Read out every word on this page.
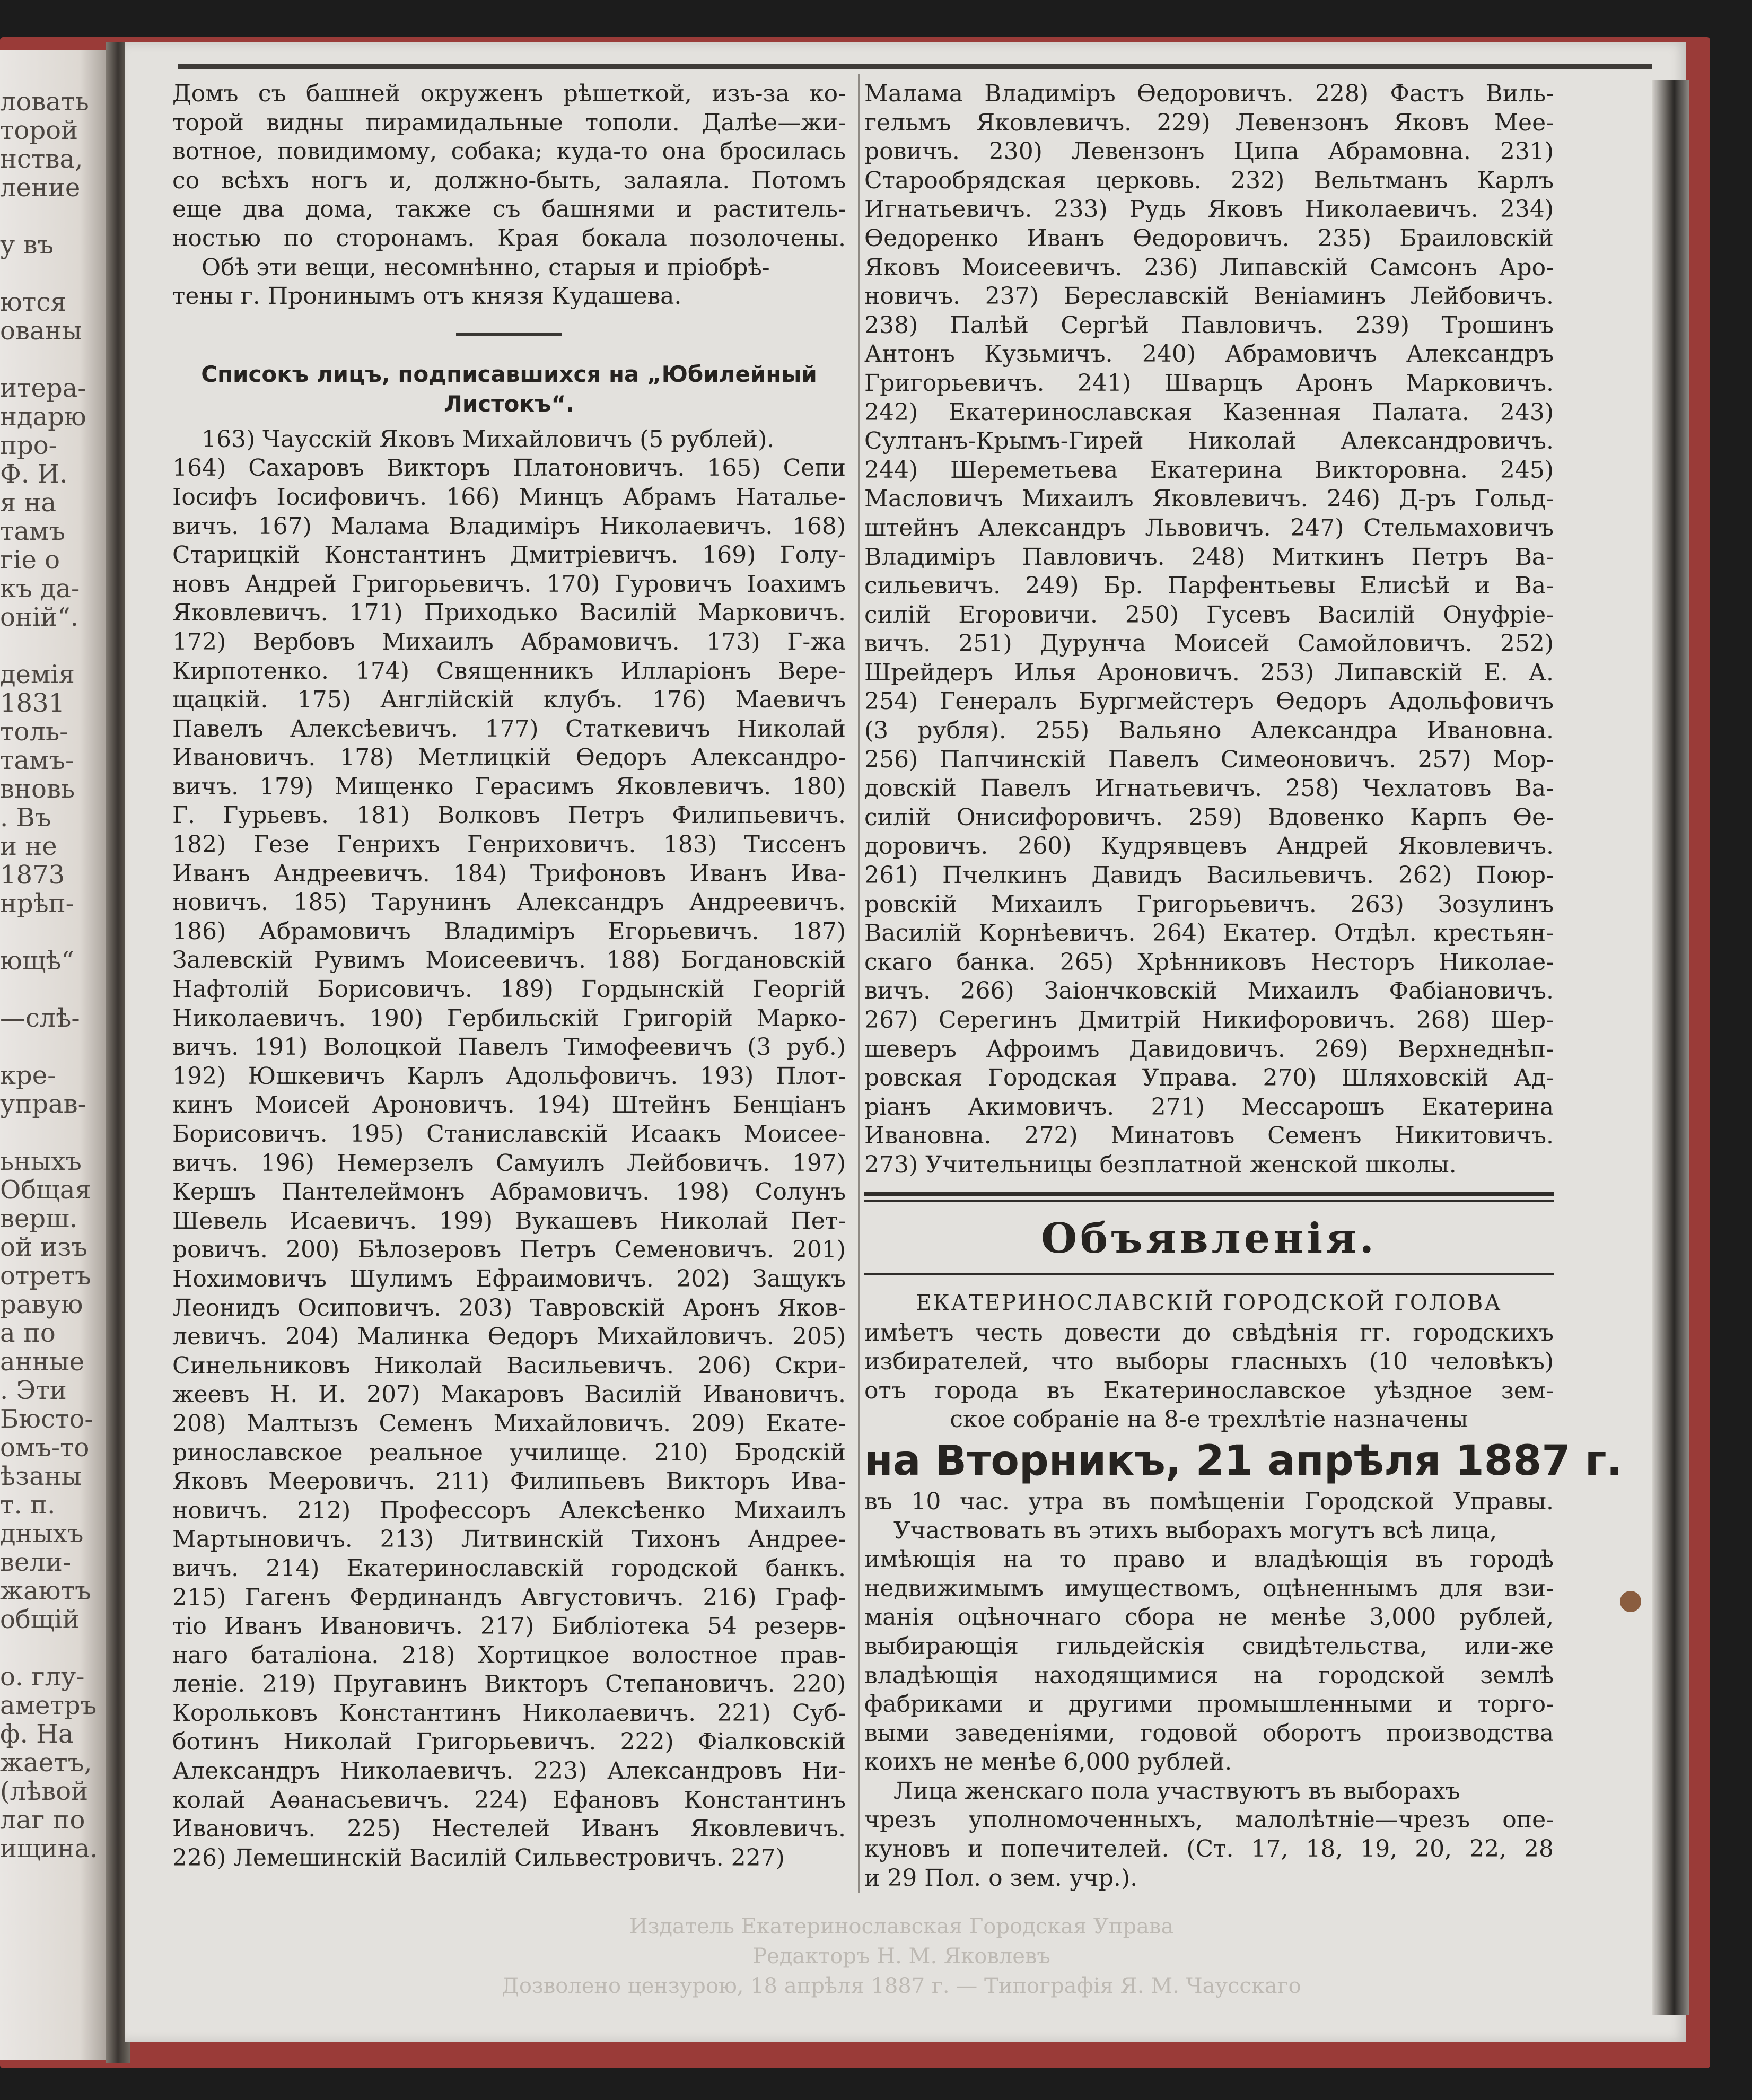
ловать
торой
нства,
ление
у въ
ются
ованы
итера-
ндарю
про-
Ф. И.
я на
тамъ
гіе о
къ да-
оній“.
демія
1831
толь-
тамъ-
вновь
. Въ
и не
1873
нрѣп-
ющѣ“
—слѣ-
кре-
управ-
ьныхъ
Общая
верш.
ой изъ
отретъ
равую
а по
анные
. Эти
Бюсто-
омъ-то
ѣзаны
т. п.
дныхъ
вели-
жаютъ
общій
о. глу-
аметръ
ф. На
жаетъ,
(лѣвой
лаг по
ищина.
Домъ съ башней окруженъ рѣшеткой, изъ-за ко-
торой видны пирамидальные тополи. Далѣе—жи-
вотное, повидимому, собака; куда-то она бросилась
со всѣхъ ногъ и, должно-быть, залаяла. Потомъ
еще два дома, также съ башнями и раститель-
ностью по сторонамъ. Края бокала позолочены.
Обѣ эти вещи, несомнѣнно, старыя и пріобрѣ-
тены г. Пронинымъ отъ князя Кудашева.
Списокъ лицъ, подписавшихся на „Юбилейный
Листокъ“.
163) Чаусскій Яковъ Михайловичъ (5 рублей).
164) Сахаровъ Викторъ Платоновичъ. 165) Сепи
Іосифъ Іосифовичъ. 166) Минцъ Абрамъ Наталье-
вичъ. 167) Малама Владиміръ Николаевичъ. 168)
Старицкій Константинъ Дмитріевичъ. 169) Голу-
новъ Андрей Григорьевичъ. 170) Гуровичъ Іоахимъ
Яковлевичъ. 171) Приходько Василій Марковичъ.
172) Вербовъ Михаилъ Абрамовичъ. 173) Г-жа
Кирпотенко. 174) Священникъ Илларіонъ Вере-
щацкій. 175) Англійскій клубъ. 176) Маевичъ
Павелъ Алексѣевичъ. 177) Статкевичъ Николай
Ивановичъ. 178) Метлицкій Ѳедоръ Александро-
вичъ. 179) Мищенко Герасимъ Яковлевичъ. 180)
Г. Гурьевъ. 181) Волковъ Петръ Филипьевичъ.
182) Гезе Генрихъ Генриховичъ. 183) Тиссенъ
Иванъ Андреевичъ. 184) Трифоновъ Иванъ Ива-
новичъ. 185) Тарунинъ Александръ Андреевичъ.
186) Абрамовичъ Владиміръ Егорьевичъ. 187)
Залевскій Рувимъ Моисеевичъ. 188) Богдановскій
Нафтолій Борисовичъ. 189) Гордынскій Георгій
Николаевичъ. 190) Гербильскій Григорій Марко-
вичъ. 191) Волоцкой Павелъ Тимофеевичъ (3 руб.)
192) Юшкевичъ Карлъ Адольфовичъ. 193) Плот-
кинъ Моисей Ароновичъ. 194) Штейнъ Бенціанъ
Борисовичъ. 195) Станиславскій Исаакъ Моисее-
вичъ. 196) Немерзелъ Самуилъ Лейбовичъ. 197)
Кершъ Пантелеймонъ Абрамовичъ. 198) Солунъ
Шевель Исаевичъ. 199) Вукашевъ Николай Пет-
ровичъ. 200) Бѣлозеровъ Петръ Семеновичъ. 201)
Нохимовичъ Шулимъ Ефраимовичъ. 202) Защукъ
Леонидъ Осиповичъ. 203) Тавровскій Аронъ Яков-
левичъ. 204) Малинка Ѳедоръ Михайловичъ. 205)
Синельниковъ Николай Васильевичъ. 206) Скри-
жеевъ Н. И. 207) Макаровъ Василій Ивановичъ.
208) Малтызъ Семенъ Михайловичъ. 209) Екате-
ринославское реальное училище. 210) Бродскій
Яковъ Мееровичъ. 211) Филипьевъ Викторъ Ива-
новичъ. 212) Профессоръ Алексѣенко Михаилъ
Мартыновичъ. 213) Литвинскій Тихонъ Андрее-
вичъ. 214) Екатеринославскій городской банкъ.
215) Гагенъ Фердинандъ Августовичъ. 216) Граф-
тіо Иванъ Ивановичъ. 217) Библіотека 54 резерв-
наго баталіона. 218) Хортицкое волостное прав-
леніе. 219) Пругавинъ Викторъ Степановичъ. 220)
Корольковъ Константинъ Николаевичъ. 221) Суб-
ботинъ Николай Григорьевичъ. 222) Фіалковскій
Александръ Николаевичъ. 223) Александровъ Ни-
колай Аѳанасьевичъ. 224) Ефановъ Константинъ
Ивановичъ. 225) Нестелей Иванъ Яковлевичъ.
226) Лемешинскій Василій Сильвестровичъ. 227)
Малама Владиміръ Ѳедоровичъ. 228) Фастъ Виль-
гельмъ Яковлевичъ. 229) Левензонъ Яковъ Мее-
ровичъ. 230) Левензонъ Ципа Абрамовна. 231)
Старообрядская церковь. 232) Вельтманъ Карлъ
Игнатьевичъ. 233) Рудь Яковъ Николаевичъ. 234)
Ѳедоренко Иванъ Ѳедоровичъ. 235) Браиловскій
Яковъ Моисеевичъ. 236) Липавскій Самсонъ Аро-
новичъ. 237) Береславскій Веніаминъ Лейбовичъ.
238) Палѣй Сергѣй Павловичъ. 239) Трошинъ
Антонъ Кузьмичъ. 240) Абрамовичъ Александръ
Григорьевичъ. 241) Шварцъ Аронъ Марковичъ.
242) Екатеринославская Казенная Палата. 243)
Султанъ-Крымъ-Гирей Николай Александровичъ.
244) Шереметьева Екатерина Викторовна. 245)
Масловичъ Михаилъ Яковлевичъ. 246) Д-ръ Гольд-
штейнъ Александръ Львовичъ. 247) Стельмаховичъ
Владиміръ Павловичъ. 248) Миткинъ Петръ Ва-
сильевичъ. 249) Бр. Парфентьевы Елисѣй и Ва-
силій Егоровичи. 250) Гусевъ Василій Онуфріе-
вичъ. 251) Дурунча Моисей Самойловичъ. 252)
Шрейдеръ Илья Ароновичъ. 253) Липавскій Е. А.
254) Генералъ Бургмейстеръ Ѳедоръ Адольфовичъ
(3 рубля). 255) Вальяно Александра Ивановна.
256) Папчинскій Павелъ Симеоновичъ. 257) Мор-
довскій Павелъ Игнатьевичъ. 258) Чехлатовъ Ва-
силій Онисифоровичъ. 259) Вдовенко Карпъ Ѳе-
доровичъ. 260) Кудрявцевъ Андрей Яковлевичъ.
261) Пчелкинъ Давидъ Васильевичъ. 262) Поюр-
ровскій Михаилъ Григорьевичъ. 263) Зозулинъ
Василій Корнѣевичъ. 264) Екатер. Отдѣл. крестьян-
скаго банка. 265) Хрѣнниковъ Несторъ Николае-
вичъ. 266) Заіончковскій Михаилъ Фабіановичъ.
267) Серегинъ Дмитрій Никифоровичъ. 268) Шер-
шеверъ Афроимъ Давидовичъ. 269) Верхнеднѣп-
ровская Городская Управа. 270) Шляховскій Ад-
ріанъ Акимовичъ. 271) Мессарошъ Екатерина
Ивановна. 272) Минатовъ Семенъ Никитовичъ.
273) Учительницы безплатной женской школы.
Объявленія.
ЕКАТЕРИНОСЛАВСКІЙ ГОРОДСКОЙ ГОЛОВА
имѣетъ честь довести до свѣдѣнія гг. городскихъ
избирателей, что выборы гласныхъ (10 человѣкъ)
отъ города въ Екатеринославское уѣздное зем-
ское собраніе на 8-е трехлѣтіе назначены
на Вторникъ, 21 апрѣля 1887 г.
въ 10 час. утра въ помѣщеніи Городской Управы.
Участвовать въ этихъ выборахъ могутъ всѣ лица,
имѣющія на то право и владѣющія въ городѣ
недвижимымъ имуществомъ, оцѣненнымъ для взи-
манія оцѣночнаго сбора не менѣе 3,000 рублей,
выбирающія гильдейскія свидѣтельства, или-же
владѣющія находящимися на городской землѣ
фабриками и другими промышленными и торго-
выми заведеніями, годовой оборотъ производства
коихъ не менѣе 6,000 рублей.
Лица женскаго пола участвуютъ въ выборахъ
чрезъ уполномоченныхъ, малолѣтніе—чрезъ опе-
куновъ и попечителей. (Ст. 17, 18, 19, 20, 22, 28
и 29 Пол. о зем. учр.).
Издатель Екатеринославская Городская Управа
Редакторъ Н. М. Яковлевъ
Дозволено цензурою, 18 апрѣля 1887 г. — Типографія Я. М. Чаусскаго
